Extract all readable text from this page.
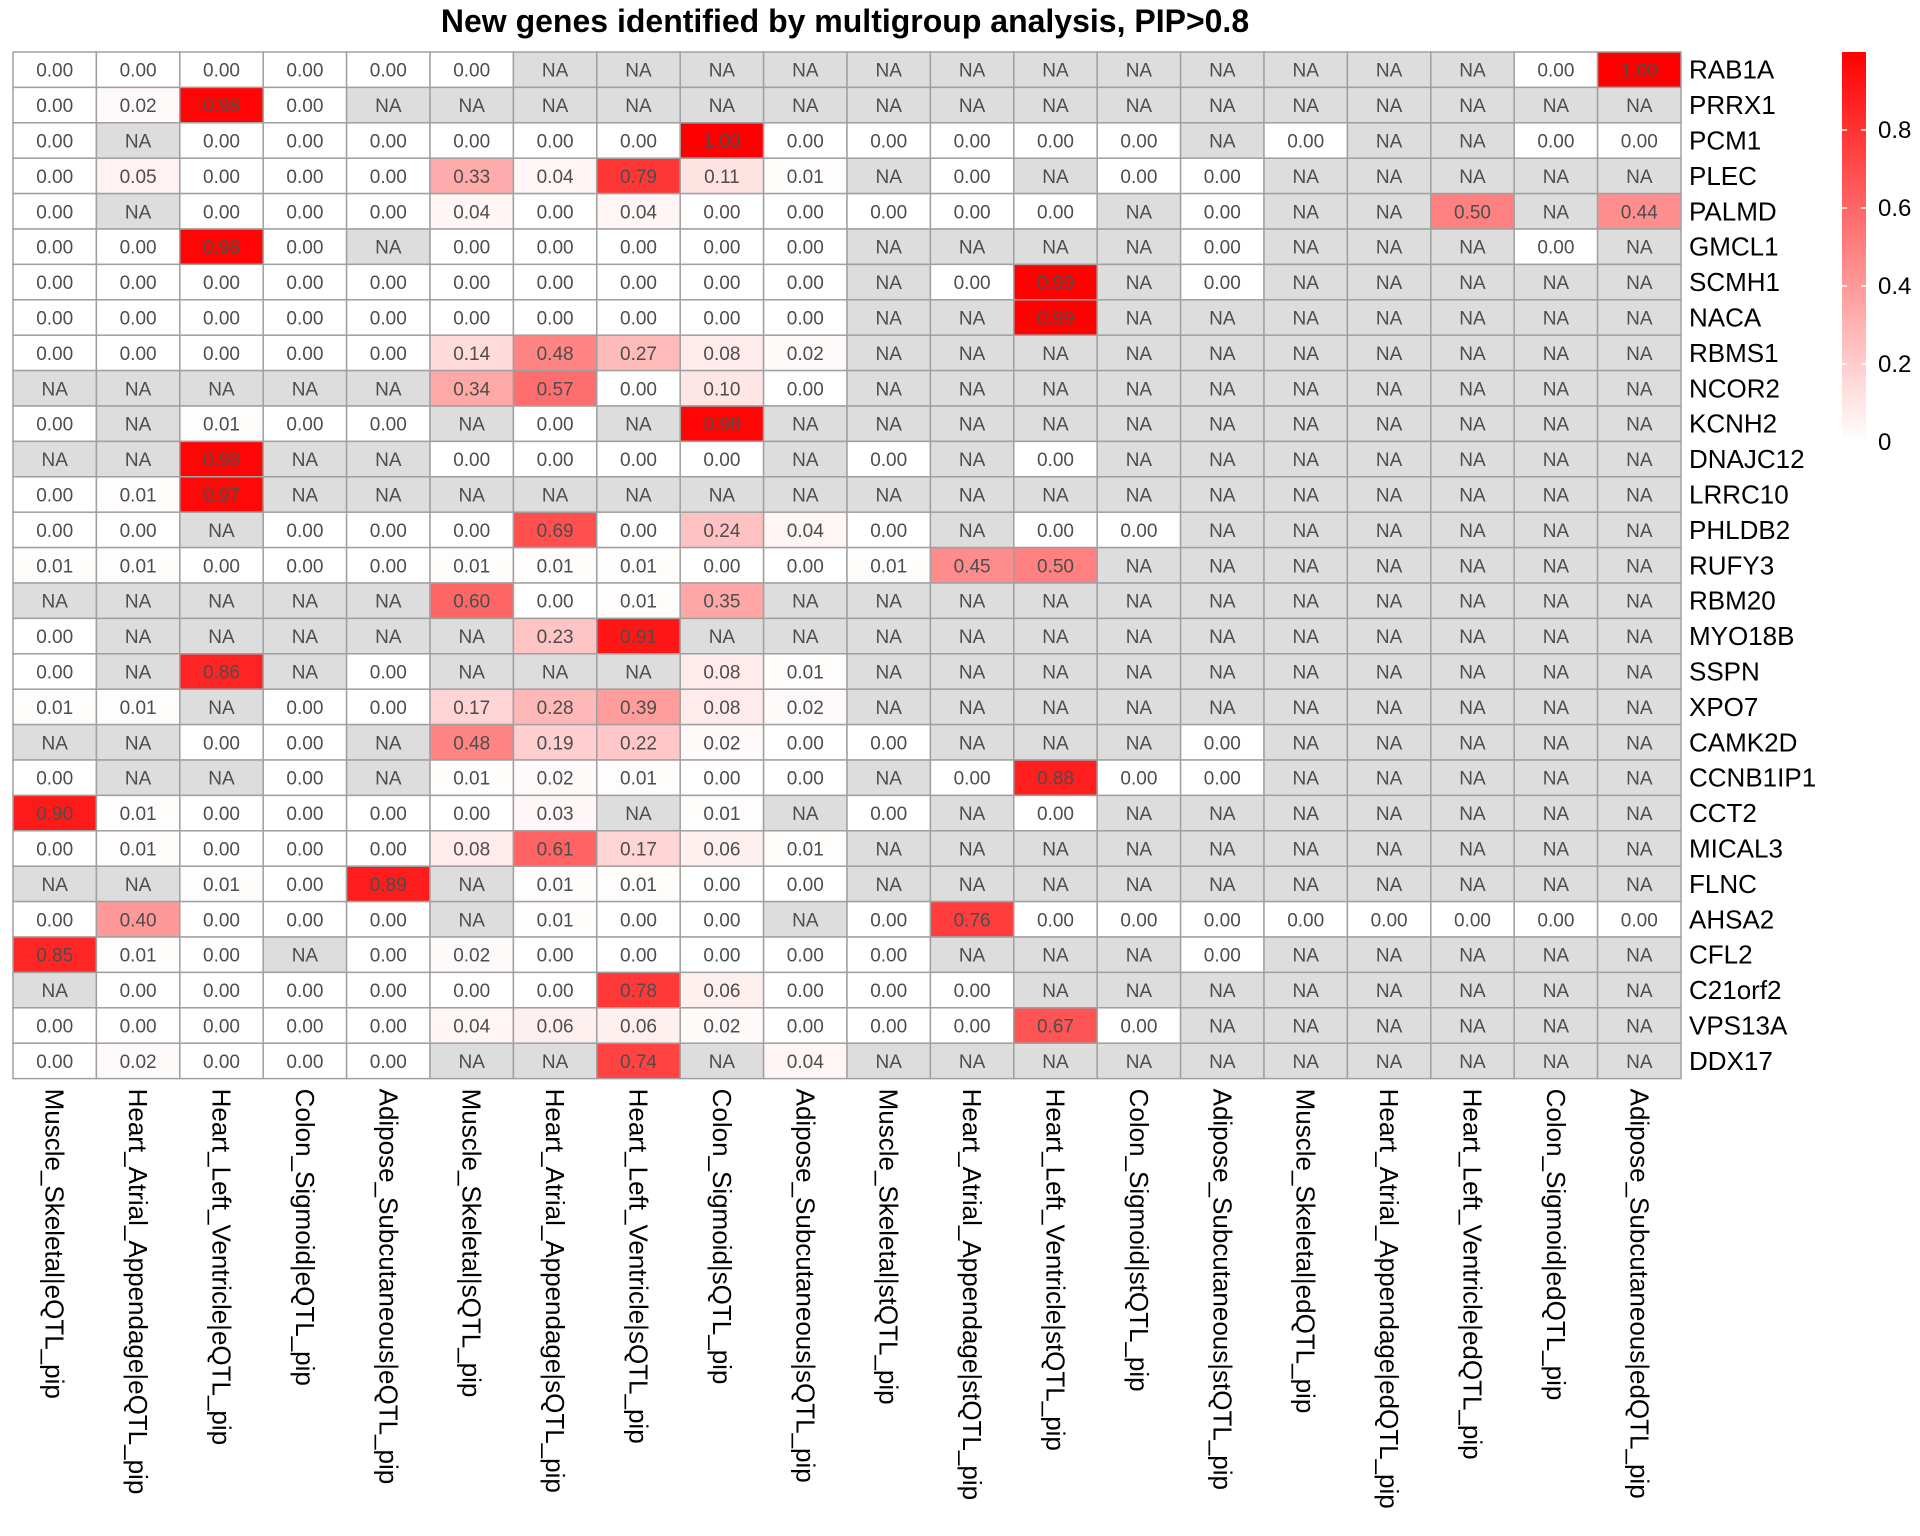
New genes identified by multigroup analysis, PIP>0.8
0.00 0.00 0.00 0.00 0.00 0.00	NA	NA	NA	NA	NA	NA	NA	NA	NA	NA	NA	NA	0.00 1.00
0.00 0.02 0.98 0.00	NA	NA	NA	NA	NA	NA	NA	NA	NA	NA	NA	NA	NA	NA	NA	NA
0.00	NA	0.00 0.00 0.00 0.00 0.00 0.00 1.00 0.00 0.00 0.00 0.00 0.00	NA	0.00	NA	NA	0.00 0.00
0.00 0.05 0.00 0.00 0.00 0.33 0.04 0.79 0.11 0.01	NA	0.00	NA	0.00 0.00	NA	NA	NA	NA	NA
0.00	NA	0.00 0.00 0.00 0.04 0.00 0.04 0.00 0.00 0.00 0.00 0.00	NA	0.00	NA	NA	0.50	NA	0.44
0.00 0.00 0.98 0.00	NA	0.00 0.00 0.00 0.00 0.00	NA	NA	NA	NA	0.00	NA	NA	NA	0.00	NA
0.00 0.00 0.00 0.00 0.00 0.00 0.00 0.00 0.00 0.00	NA	0.00 0.99	NA	0.00	NA	NA	NA	NA	NA
0.00 0.00 0.00 0.00 0.00 0.00 0.00 0.00 0.00 0.00	NA	NA	0.99	NA	NA	NA	NA	NA	NA	NA
0.00 0.00 0.00 0.00 0.00 0.14 0.48 0.27 0.08 0.02	NA	NA	NA	NA	NA	NA	NA	NA	NA	NA
NA	NA	NA	NA	NA	0.34 0.57 0.00 0.10 0.00	NA	NA	NA	NA	NA	NA	NA	NA	NA	NA
0.00	NA	0.01 0.00 0.00	NA	0.00	NA	0.98	NA	NA	NA	NA	NA	NA	NA	NA	NA	NA	NA
NA	NA	0.98	NA	NA	0.00 0.00 0.00 0.00	NA	0.00	NA	0.00	NA	NA	NA	NA	NA	NA	NA
0.00 0.01 0.97	NA	NA	NA	NA	NA	NA	NA	NA	NA	NA	NA	NA	NA	NA	NA	NA	NA
0.00 0.00	NA	0.00 0.00 0.00 0.69 0.00 0.24 0.04 0.00	NA	0.00 0.00	NA	NA	NA	NA	NA	NA
0.01 0.01 0.00 0.00 0.00 0.01 0.01 0.01 0.00 0.00 0.01 0.45 0.50	NA	NA	NA	NA	NA	NA	NA
NA	NA	NA	NA	NA	0.60 0.00 0.01 0.35	NA	NA	NA	NA	NA	NA	NA	NA	NA	NA	NA
0.00	NA	NA	NA	NA	NA	0.23 0.91	NA	NA	NA	NA	NA	NA	NA	NA	NA	NA	NA	NA
0.00	NA	0.86	NA	0.00	NA	NA	NA	0.08 0.01	NA	NA	NA	NA	NA	NA	NA	NA	NA	NA
0.01 0.01	NA	0.00 0.00 0.17 0.28 0.39 0.08 0.02	NA	NA	NA	NA	NA	NA	NA	NA	NA	NA
NA	NA	0.00 0.00	NA	0.48 0.19 0.22 0.02 0.00 0.00	NA	NA	NA	0.00	NA	NA	NA	NA	NA
0.00	NA	NA	0.00	NA	0.01 0.02 0.01 0.00 0.00	NA	0.00 0.88 0.00 0.00	NA	NA	NA	NA	NA
0.90 0.01 0.00 0.00 0.00 0.00 0.03	NA	0.01	NA	0.00	NA	0.00	NA	NA	NA	NA	NA	NA	NA
0.00 0.01 0.00 0.00 0.00 0.08 0.61 0.17 0.06 0.01	NA	NA	NA	NA	NA	NA	NA	NA	NA	NA
NA	NA	0.01 0.00 0.89	NA	0.01 0.01 0.00 0.00	NA	NA	NA	NA	NA	NA	NA	NA	NA	NA
0.00 0.40 0.00 0.00 0.00	NA	0.01 0.00 0.00	NA	0.00 0.76 0.00 0.00 0.00 0.00 0.00 0.00 0.00 0.00
0.85 0.01 0.00	NA	0.00 0.02 0.00 0.00 0.00 0.00 0.00	NA	NA	NA	0.00	NA	NA	NA	NA	NA
NA	0.00 0.00 0.00 0.00 0.00 0.00 0.78 0.06 0.00 0.00 0.00	NA	NA	NA	NA	NA	NA	NA	NA
0.00 0.00 0.00 0.00 0.00 0.04 0.06 0.06 0.02 0.00 0.00 0.00 0.67 0.00	NA	NA	NA	NA	NA	NA
0.00 0.02 0.00 0.00 0.00	NA	NA	0.74	NA	0.04	NA	NA	NA	NA	NA	NA	NA	NA	NA	NA
RAB1A
PRRX1
PCM1
PLEC
PALMD
GMCL1
SCMH1
NACA
RBMS1
NCOR2
KCNH2
DNAJC12
LRRC10
PHLDB2
RUFY3
RBM20
MYO18B
SSPN
XPO7
CAMK2D
CCNB1IP1
CCT2
MICAL3
FLNC
AHSA2
CFL2
C21orf2
VPS13A
DDX17
Muscle_Skeletal|eQTL_pip Heart_Atrial_Appendage|eQTL_pip Heart_Left_Ventricle|eQTL_pip Colon_Sigmoid|eQTL_pip Adipose_Subcutaneous|eQTL_pip Muscle_Skeletal|sQTL_pip Heart_Atrial_Appendage|sQTL_pip Heart_Left_Ventricle|sQTL_pip Colon_Sigmoid|sQTL_pip Adipose_Subcutaneous|sQTL_pip Muscle_Skeletal|stQTL_pip Heart_Atrial_Appendage|stQTL_pip Heart_Left_Ventricle|stQTL_pip Colon_Sigmoid|stQTL_pip Adipose_Subcutaneous|stQTL_pip Muscle_Skeletal|edQTL_pip Heart_Atrial_Appendage|edQTL_pip Heart_Left_Ventricle|edQTL_pip Colon_Sigmoid|edQTL_pip Adipose_Subcutaneous|edQTL_pip
0
0.2
0.4
0.6
0.8
